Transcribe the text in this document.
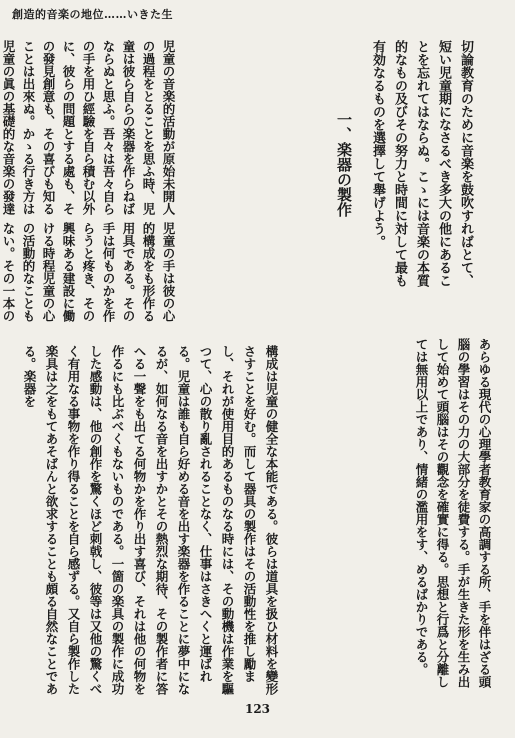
創造的音楽の地位……いきた生
切論教育のために音楽を鼓吹すればとて、短い児童期になさるべき多大の他にあることを忘れてはならぬ。こゝには音楽の本質的なもの及びその努力と時間に対して最も有効なるものを選擇して舉げよう。
一、楽器の製作
児童の音楽的活動が原始未開人の過程をとることを思ふ時、児童は彼ら自らの楽器を作らねばならぬと思ふ。吾々は吾々自らの手を用ひ經驗を自ら積む以外に、彼らの問題とする處も、その發見創意も、その喜びも知ることは出來ぬ。かゝる行き方は児童の眞の基礎的な音楽の發達
児童の手は彼の心的構成をも形作る用具である。その手は何ものかを作らうと疼き、その興味ある建設に働ける時程児童の心の活動的なこともない。その一本の
あらゆる現代の心理學者教育家の高調する所、手を伴はざる頭腦の學習はその力の大部分を徒費する。手が生きた形を生み出して始めて頭腦はその觀念を確實に得る。思想と行爲と分離しては無用以上であり、情緒の濫用をす、めるばかりである。
構成は児童の健全な本能である。彼らは道具を扱ひ材料を變形さすことを好む。而して器具の製作はその活動性を推し勵まし、それが使用目的あるものなる時には、その動機は作業を驅つて、心の散り亂されることなく、仕事はさきへくと運ばれる。児童は誰も自ら好める音を出す楽器を作ることに夢中になるが、如何なる音を出すかとその熱烈な期待、その製作者に答へる一聲をも出てる何物かを作り出す喜び、それは他の何物を作るにも比ぶべくもないものである。一箇の楽具の製作に成功した感動は、他の創作を驚くほど刺戟し、彼等は又他の驚くべく有用なる事物を作り得ることを自ら感ずる。又自ら製作した楽具は之をもてあそばんと欲求することも頗る自然なことである。楽器を
123
